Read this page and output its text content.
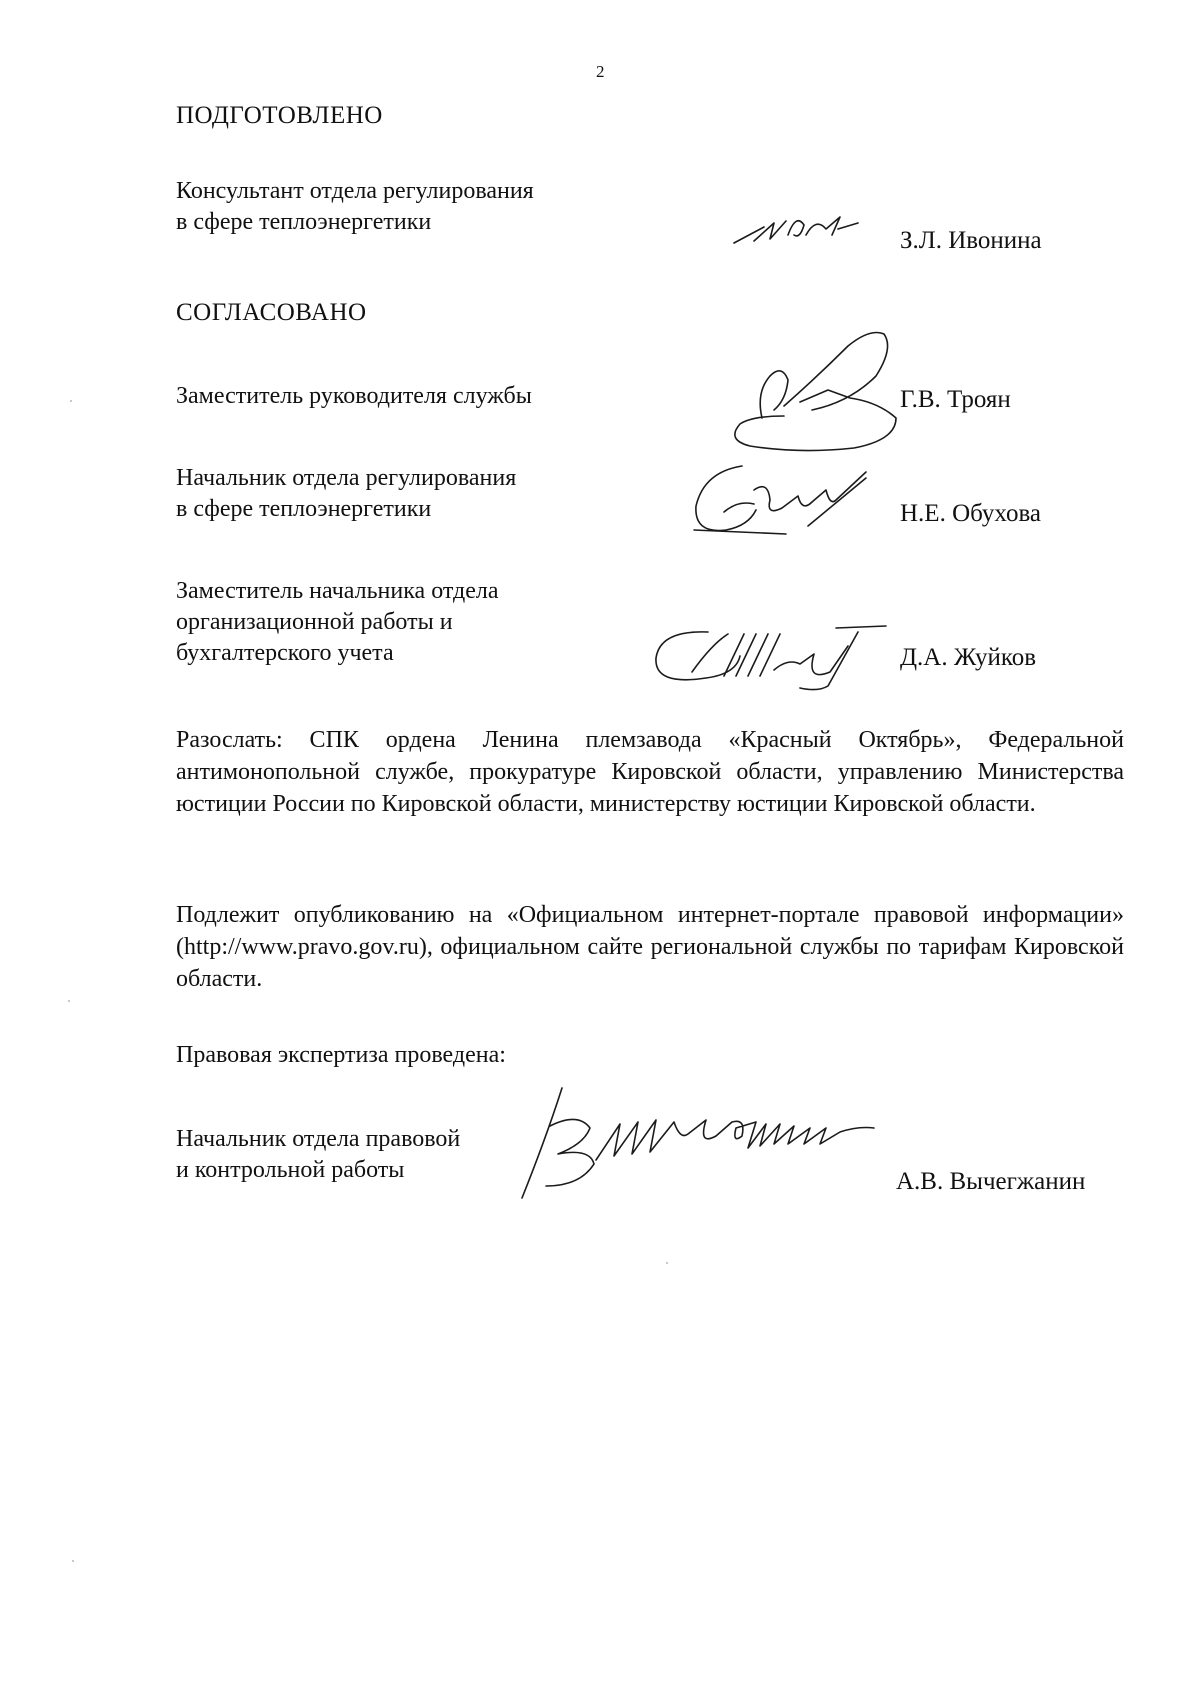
2
ПОДГОТОВЛЕНО
Консультант отдела регулирования
в сфере теплоэнергетики
З.Л. Ивонина
СОГЛАСОВАНО
Заместитель руководителя службы	Г.В. Троян
Начальник отдела регулирования
в сфере теплоэнергетики	Н.Е. Обухова
Заместитель начальника отдела
организационной работы и
бухгалтерского учета	Д.А. Жуйков
Разослать: СПК ордена Ленина племзавода «Красный Октябрь», Федеральной антимонопольной службе, прокуратуре Кировской области, управлению Министерства юстиции России по Кировской области, министерству юстиции Кировской области.
Подлежит опубликованию на «Официальном интернет-портале правовой информации» (http://www.pravo.gov.ru), официальном сайте региональной службы по тарифам Кировской области.
Правовая экспертиза проведена:
Начальник отдела правовой
и контрольной работы	А.В. Вычегжанин
